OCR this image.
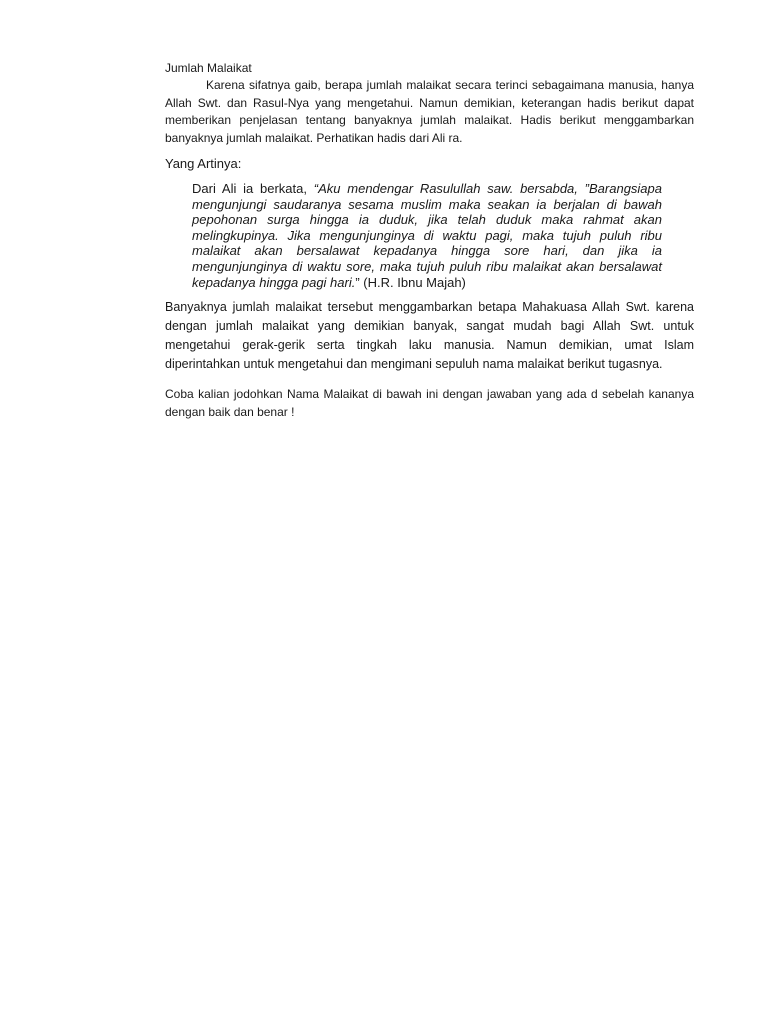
Jumlah Malaikat

Karena sifatnya gaib, berapa jumlah malaikat secara terinci sebagaimana manusia, hanya Allah Swt. dan Rasul-Nya yang mengetahui. Namun demikian, keterangan hadis berikut dapat memberikan penjelasan tentang banyaknya jumlah malaikat. Hadis berikut menggambarkan banyaknya jumlah malaikat. Perhatikan hadis dari Ali ra.

Yang Artinya:

Dari Ali ia berkata, “Aku mendengar Rasulullah saw. bersabda, ”Barangsiapa mengunjungi saudaranya sesama muslim maka seakan ia berjalan di bawah pepohonan surga hingga ia duduk, jika telah duduk maka rahmat akan melingkupinya. Jika mengunjunginya di waktu pagi, maka tujuh puluh ribu malaikat akan bersalawat kepadanya hingga sore hari, dan jika ia mengunjunginya di waktu sore, maka tujuh puluh ribu malaikat akan bersalawat kepadanya hingga pagi hari.” (H.R. Ibnu Majah)

Banyaknya jumlah malaikat tersebut menggambarkan betapa Mahakuasa Allah Swt. karena dengan jumlah malaikat yang demikian banyak, sangat mudah bagi Allah Swt. untuk mengetahui gerak-gerik serta tingkah laku manusia. Namun demikian, umat Islam diperintahkan untuk mengetahui dan mengimani sepuluh nama malaikat berikut tugasnya.

Coba kalian jodohkan Nama Malaikat di bawah ini dengan jawaban yang ada d sebelah kananya dengan baik dan benar !
